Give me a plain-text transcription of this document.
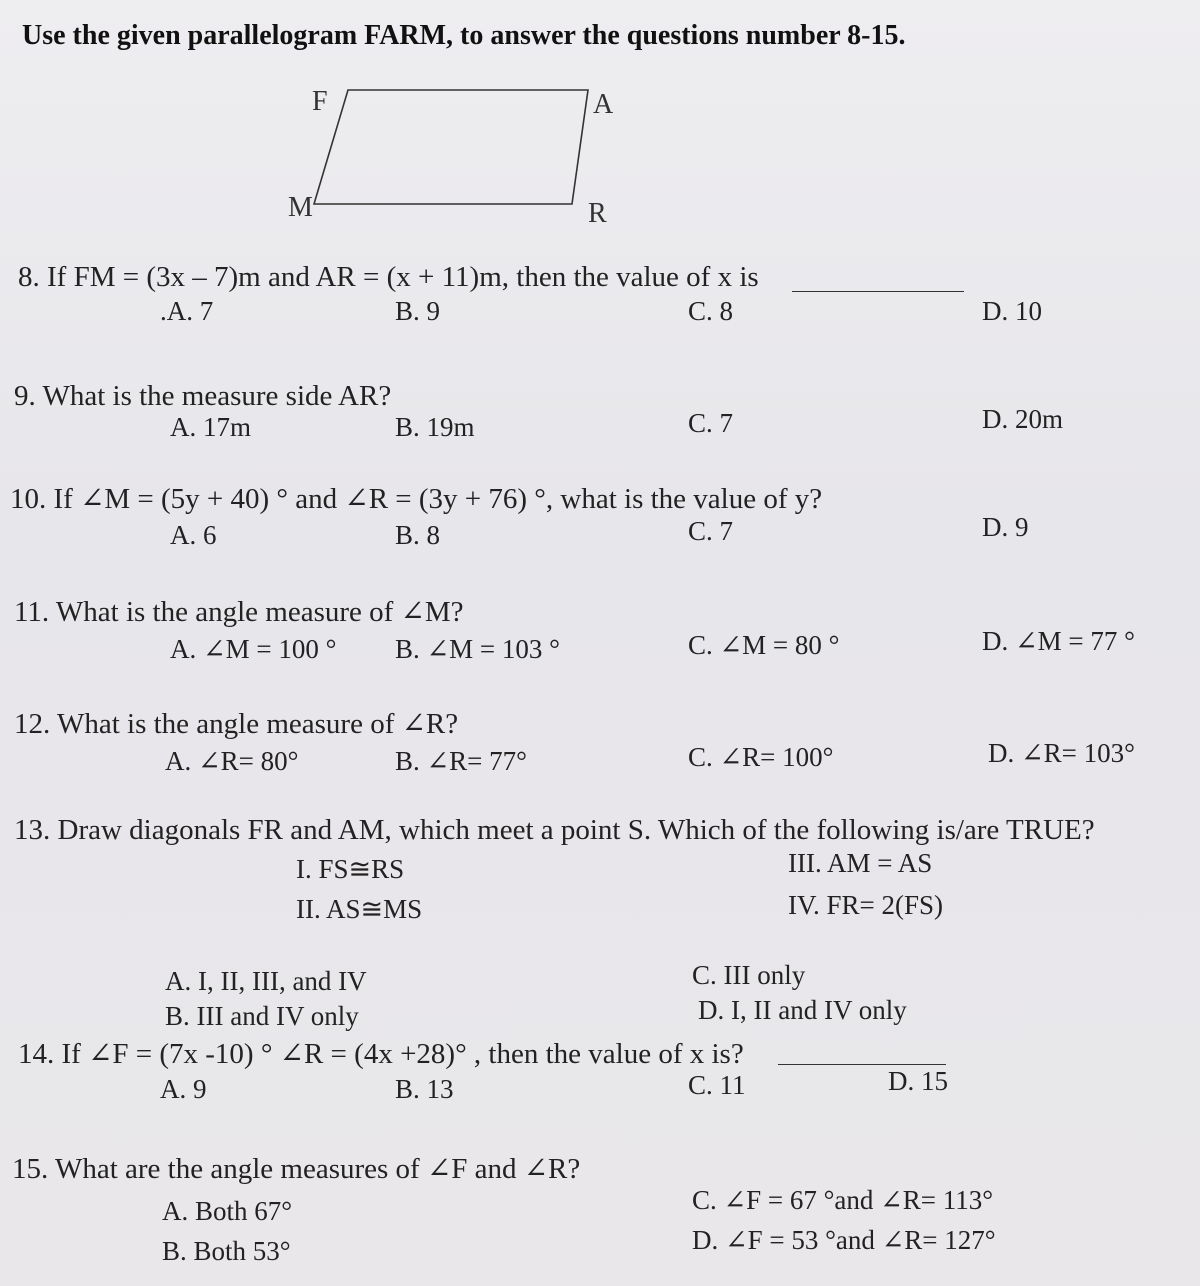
Use the given parallelogram FARM, to answer the questions number 8-15.
F	A
M	R
8. If FM = (3x – 7)m and AR = (x + 11)m, then the value of x is
.A. 7	B. 9	C. 8	D. 10
9. What is the measure side AR?
A. 17m	B. 19m	C. 7	D. 20m
10. If ∠M = (5y + 40) ° and ∠R = (3y + 76) °, what is the value of y?
A. 6	B. 8	C. 7	D. 9
11. What is the angle measure of ∠M?
A. ∠M = 100 ° B. ∠M = 103 °	C. ∠M = 80 °	D. ∠M = 77 °
12. What is the angle measure of ∠R?
A. ∠R= 80°	B. ∠R= 77°	C. ∠R= 100°	D. ∠R= 103°
13. Draw diagonals FR and AM, which meet a point S. Which of the following is/are TRUE?
I. FS≅RS
II. AS≅MS
III. AM = AS
IV. FR= 2(FS)
A. I, II, III, and IV
B. III and IV only
C. III only
D. I, II and IV only
14. If ∠F = (7x -10) ° ∠R = (4x +28)° , then the value of x is?
A. 9	B. 13	C. 11	D. 15
15. What are the angle measures of ∠F and ∠R?
A. Both 67°
B. Both 53°
C. ∠F = 67 °and ∠R= 113°
D. ∠F = 53 °and ∠R= 127°
